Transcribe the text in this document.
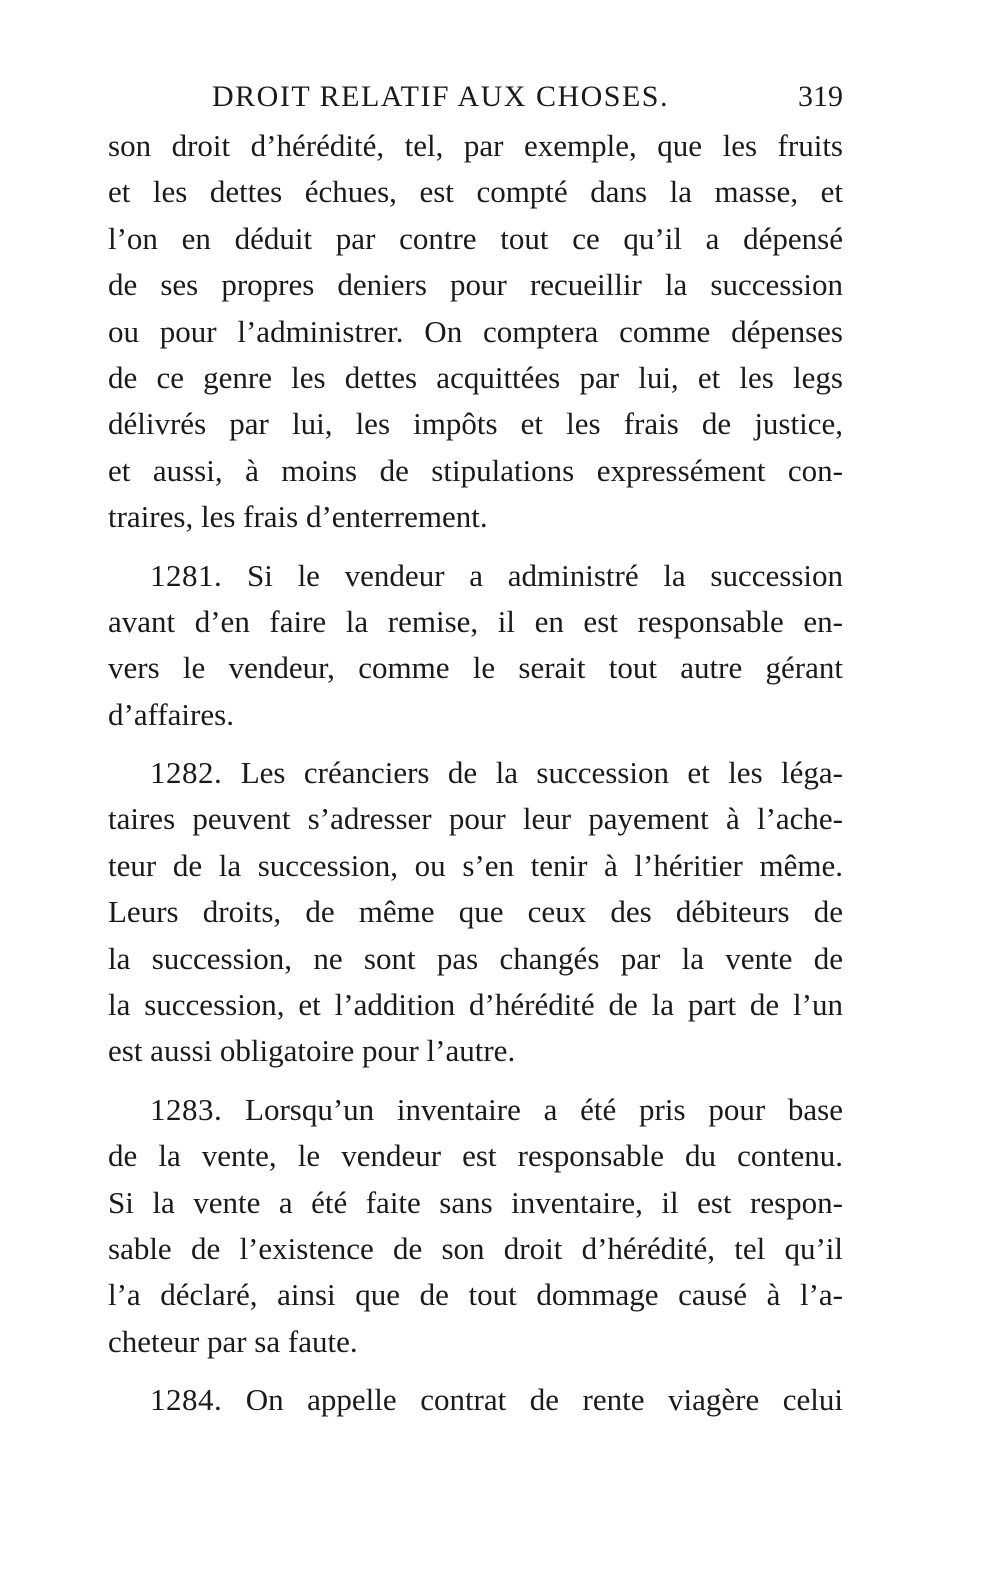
DROIT RELATIF AUX CHOSES.	319
son droit d’hérédité, tel, par exemple, que les fruits
et les dettes échues, est compté dans la masse, et
l’on en déduit par contre tout ce qu’il a dépensé
de ses propres deniers pour recueillir la succession
ou pour l’administrer. On comptera comme dépenses
de ce genre les dettes acquittées par lui, et les legs
délivrés par lui, les impôts et les frais de justice,
et aussi, à moins de stipulations expressément con-
traires, les frais d’enterrement.
1281. Si le vendeur a administré la succession
avant d’en faire la remise, il en est responsable en-
vers le vendeur, comme le serait tout autre gérant
d’affaires.
1282. Les créanciers de la succession et les léga-
taires peuvent s’adresser pour leur payement à l’ache-
teur de la succession, ou s’en tenir à l’héritier même.
Leurs droits, de même que ceux des débiteurs de
la succession, ne sont pas changés par la vente de
la succession, et l’addition d’hérédité de la part de l’un
est aussi obligatoire pour l’autre.
1283. Lorsqu’un inventaire a été pris pour base
de la vente, le vendeur est responsable du contenu.
Si la vente a été faite sans inventaire, il est respon-
sable de l’existence de son droit d’hérédité, tel qu’il
l’a déclaré, ainsi que de tout dommage causé à l’a-
cheteur par sa faute.
1284. On appelle contrat de rente viagère celui
